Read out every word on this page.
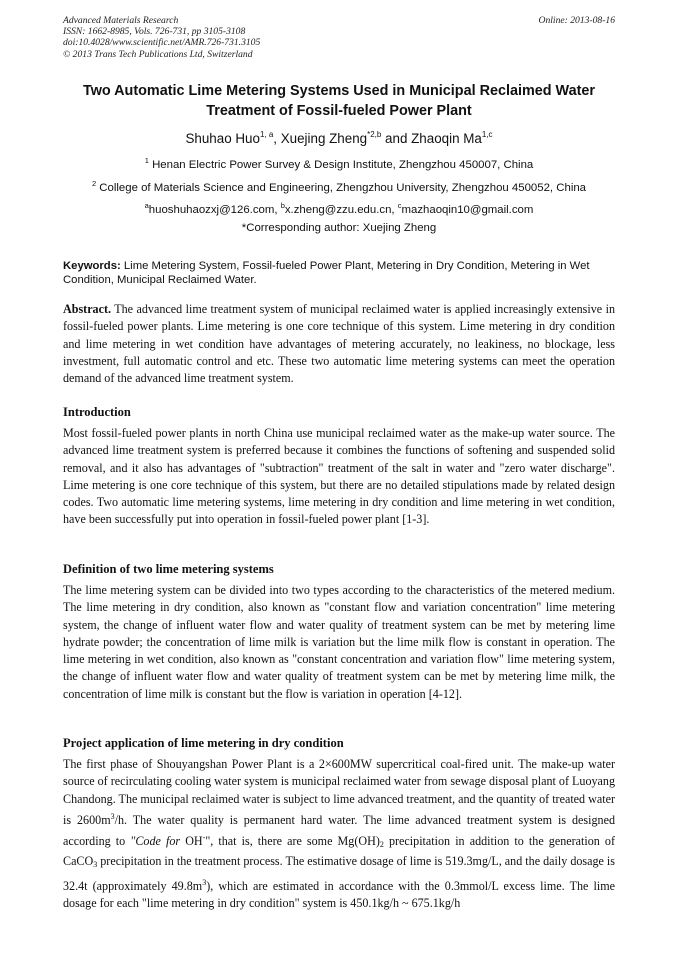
Advanced Materials Research
ISSN: 1662-8985, Vols. 726-731, pp 3105-3108
doi:10.4028/www.scientific.net/AMR.726-731.3105
© 2013 Trans Tech Publications Ltd, Switzerland
Online: 2013-08-16
Two Automatic Lime Metering Systems Used in Municipal Reclaimed Water Treatment of Fossil-fueled Power Plant
Shuhao Huo$^{1, a}$, Xuejing Zheng$^{*2,b}$ and Zhaoqin Ma$^{1,c}$
$^1$ Henan Electric Power Survey & Design Institute, Zhengzhou 450007, China
$^2$ College of Materials Science and Engineering, Zhengzhou University, Zhengzhou 450052, China
$^a$huoshuhaozxj@126.com, $^b$x.zheng@zzu.edu.cn, $^c$mazhaoqin10@gmail.com
*Corresponding author: Xuejing Zheng
Keywords: Lime Metering System, Fossil-fueled Power Plant, Metering in Dry Condition, Metering in Wet Condition, Municipal Reclaimed Water.
Abstract. The advanced lime treatment system of municipal reclaimed water is applied increasingly extensive in fossil-fueled power plants. Lime metering is one core technique of this system. Lime metering in dry condition and lime metering in wet condition have advantages of metering accurately, no leakiness, no blockage, less investment, full automatic control and etc. These two automatic lime metering systems can meet the operation demand of the advanced lime treatment system.
Introduction
Most fossil-fueled power plants in north China use municipal reclaimed water as the make-up water source. The advanced lime treatment system is preferred because it combines the functions of softening and suspended solid removal, and it also has advantages of "subtraction" treatment of the salt in water and "zero water discharge". Lime metering is one core technique of this system, but there are no detailed stipulations made by related design codes. Two automatic lime metering systems, lime metering in dry condition and lime metering in wet condition, have been successfully put into operation in fossil-fueled power plant [1-3].
Definition of two lime metering systems
The lime metering system can be divided into two types according to the characteristics of the metered medium. The lime metering in dry condition, also known as "constant flow and variation concentration" lime metering system, the change of influent water flow and water quality of treatment system can be met by metering lime hydrate powder; the concentration of lime milk is variation but the lime milk flow is constant in operation. The lime metering in wet condition, also known as "constant concentration and variation flow" lime metering system, the change of influent water flow and water quality of treatment system can be met by metering lime milk, the concentration of lime milk is constant but the flow is variation in operation [4-12].
Project application of lime metering in dry condition
The first phase of Shouyangshan Power Plant is a 2×600MW supercritical coal-fired unit. The make-up water source of recirculating cooling water system is municipal reclaimed water from sewage disposal plant of Luoyang Chandong. The municipal reclaimed water is subject to lime advanced treatment, and the quantity of treated water is $2600m^3/h$. The water quality is permanent hard water. The lime advanced treatment system is designed according to "Code for OH-", that is, there are some $Mg(OH)_2$ precipitation in addition to the generation of CaCO$_3$ precipitation in the treatment process. The estimative dosage of lime is 519.3mg/L, and the daily dosage is 32.4t (approximately $49.8m^3$), which are estimated in accordance with the 0.3mmol/L excess lime. The lime dosage for each "lime metering in dry condition" system is 450.1kg/h ~ 675.1kg/h
